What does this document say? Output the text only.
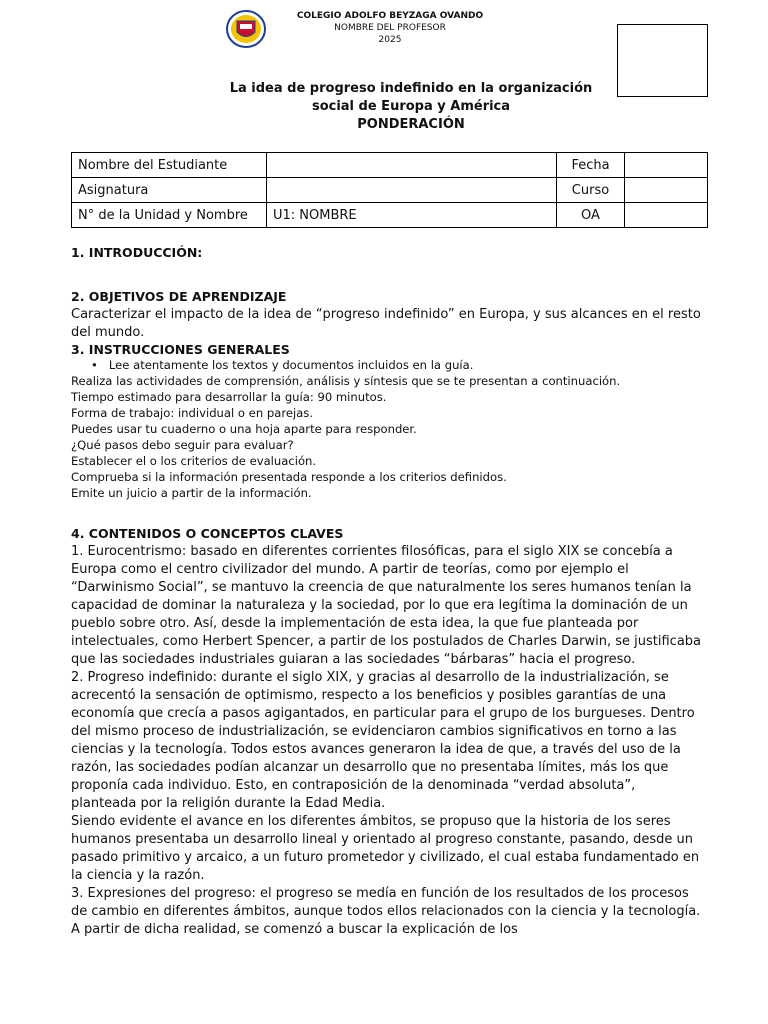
COLEGIO ADOLFO BEYZAGA OVANDO
NOMBRE DEL PROFESOR
2025
La idea de progreso indefinido en la organización
social de Europa y América
PONDERACIÓN
Nombre del Estudiante		Fecha	
Asignatura		Curso	
N° de la Unidad y Nombre	U1: NOMBRE	OA	
1. INTRODUCCIÓN:
2. OBJETIVOS DE APRENDIZAJE

Caracterizar el impacto de la idea de “progreso indefinido” en Europa, y sus alcances en el resto del mundo.

3. INSTRUCCIONES GENERALES
•   Lee atentamente los textos y documentos incluidos en la guía.
Realiza las actividades de comprensión, análisis y síntesis que se te presentan a continuación.
Tiempo estimado para desarrollar la guía: 90 minutos.
Forma de trabajo: individual o en parejas.
Puedes usar tu cuaderno o una hoja aparte para responder.
¿Qué pasos debo seguir para evaluar?
Establecer el o los criterios de evaluación.
Comprueba si la información presentada responde a los criterios definidos.
Emite un juicio a partir de la información.
4. CONTENIDOS O CONCEPTOS CLAVES

1. Eurocentrismo: basado en diferentes corrientes filosóficas, para el siglo XIX se concebía a Europa como el centro civilizador del mundo. A partir de teorías, como por ejemplo el “Darwinismo Social”, se mantuvo la creencia de que naturalmente los seres humanos tenían la capacidad de dominar la naturaleza y la sociedad, por lo que era legítima la dominación de un pueblo sobre otro. Así, desde la implementación de esta idea, la que fue planteada por intelectuales, como Herbert Spencer, a partir de los postulados de Charles Darwin, se justificaba que las sociedades industriales guiaran a las sociedades “bárbaras” hacia el progreso.

2. Progreso indefinido: durante el siglo XIX, y gracias al desarrollo de la industrialización, se acrecentó la sensación de optimismo, respecto a los beneficios y posibles garantías de una economía que crecía a pasos agigantados, en particular para el grupo de los burgueses. Dentro del mismo proceso de industrialización, se evidenciaron cambios significativos en torno a las ciencias y la tecnología. Todos estos avances generaron la idea de que, a través del uso de la razón, las sociedades podían alcanzar un desarrollo que no presentaba límites, más los que proponía cada individuo. Esto, en contraposición de la denominada “verdad absoluta”, planteada por la religión durante la Edad Media.

Siendo evidente el avance en los diferentes ámbitos, se propuso que la historia de los seres humanos presentaba un desarrollo lineal y orientado al progreso constante, pasando, desde un pasado primitivo y arcaico, a un futuro prometedor y civilizado, el cual estaba fundamentado en la ciencia y la razón.

3. Expresiones del progreso: el progreso se medía en función de los resultados de los procesos de cambio en diferentes ámbitos, aunque todos ellos relacionados con la ciencia y la tecnología. A partir de dicha realidad, se comenzó a buscar la explicación de los
